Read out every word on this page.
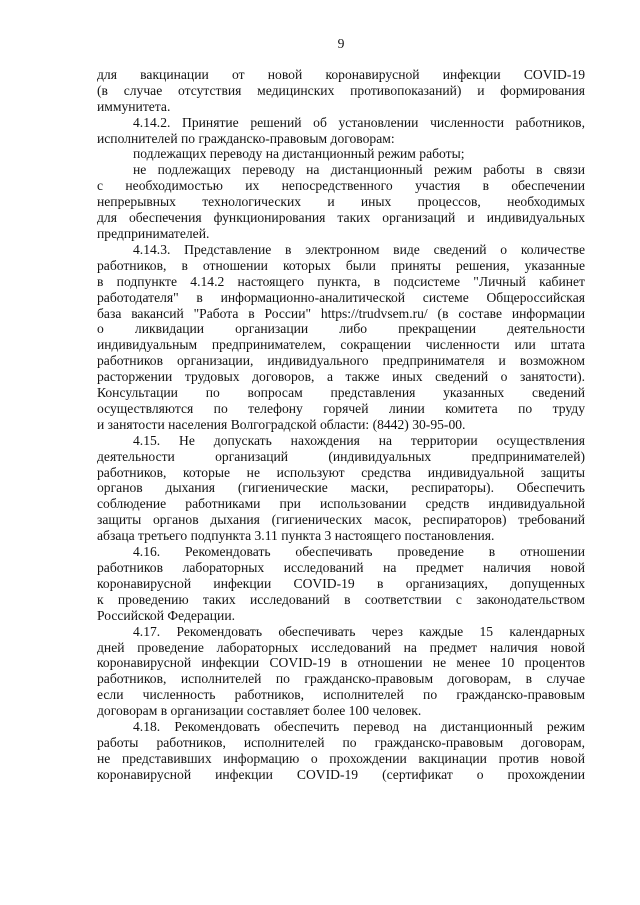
9
для вакцинации от новой коронавирусной инфекции COVID-19
(в случае отсутствия медицинских противопоказаний) и формирования
иммунитета.
4.14.2. Принятие решений об установлении численности работников,
исполнителей по гражданско-правовым договорам:
подлежащих переводу на дистанционный режим работы;
не подлежащих переводу на дистанционный режим работы в связи
с необходимостью их непосредственного участия в обеспечении
непрерывных технологических и иных процессов, необходимых
для обеспечения функционирования таких организаций и индивидуальных
предпринимателей.
4.14.3. Представление в электронном виде сведений о количестве
работников, в отношении которых были приняты решения, указанные
в подпункте 4.14.2 настоящего пункта, в подсистеме "Личный кабинет
работодателя" в информационно-аналитической системе Общероссийская
база вакансий "Работа в России" https://trudvsem.ru/ (в составе информации
о ликвидации организации либо прекращении деятельности
индивидуальным предпринимателем, сокращении численности или штата
работников организации, индивидуального предпринимателя и возможном
расторжении трудовых договоров, а также иных сведений о занятости).
Консультации по вопросам представления указанных сведений
осуществляются по телефону горячей линии комитета по труду
и занятости населения Волгоградской области: (8442) 30-95-00.
4.15. Не допускать нахождения на территории осуществления
деятельности организаций (индивидуальных предпринимателей)
работников, которые не используют средства индивидуальной защиты
органов дыхания (гигиенические маски, респираторы). Обеспечить
соблюдение работниками при использовании средств индивидуальной
защиты органов дыхания (гигиенических масок, респираторов) требований
абзаца третьего подпункта 3.11 пункта 3 настоящего постановления.
4.16. Рекомендовать обеспечивать проведение в отношении
работников лабораторных исследований на предмет наличия новой
коронавирусной инфекции COVID-19 в организациях, допущенных
к проведению таких исследований в соответствии с законодательством
Российской Федерации.
4.17. Рекомендовать обеспечивать через каждые 15 календарных
дней проведение лабораторных исследований на предмет наличия новой
коронавирусной инфекции COVID-19 в отношении не менее 10 процентов
работников, исполнителей по гражданско-правовым договорам, в случае
если численность работников, исполнителей по гражданско-правовым
договорам в организации составляет более 100 человек.
4.18. Рекомендовать обеспечить перевод на дистанционный режим
работы работников, исполнителей по гражданско-правовым договорам,
не представивших информацию о прохождении вакцинации против новой
коронавирусной инфекции COVID-19 (сертификат о прохождении
